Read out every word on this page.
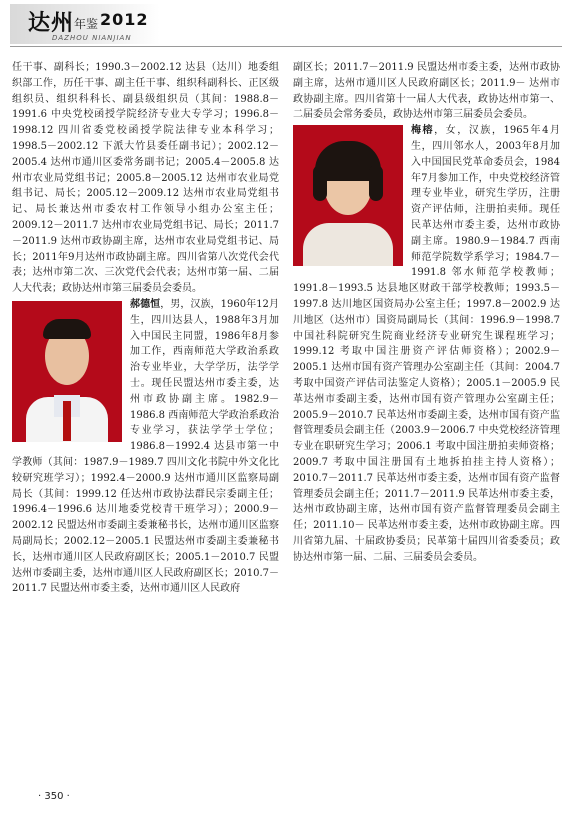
达州 年鉴 2012
DAZHOU NIANJIAN

任干事、副科长；1990.3－2002.12 达县（达川）地委组织部工作，历任干事、副主任干事、组织科副科长、正区级组织员、组织科科长、副县级组织员（其间：1988.8－1991.6 中央党校函授学院经济专业大专学习；1996.8－1998.12 四川省委党校函授学院法律专业本科学习；1998.5－2002.12 下派大竹县委任副书记）；2002.12－2005.4 达州市通川区委常务副书记；2005.4－2005.8 达州市农业局党组书记；2005.8－2005.12 达州市农业局党组书记、局长；2005.12－2009.12 达州市农业局党组书记、局长兼达州市委农村工作领导小组办公室主任；2009.12－2011.7 达州市农业局党组书记、局长；2011.7－2011.9 达州市政协副主席，达州市农业局党组书记、局长；2011年9月达州市政协副主席。四川省第八次党代会代表；达州市第二次、三次党代会代表；达州市第一届、二届人大代表；政协达州市第三届委员会委员。

郝德恒，男，汉族，1960年12月生，四川达县人，1988年3月加入中国民主同盟，1986年8月参加工作，西南师范大学政治系政治专业毕业，大学学历，法学学士。现任民盟达州市委主委，达州市政协副主席。1982.9－1986.8 西南师范大学政治系政治专业学习，获法学学士学位；1986.8－1992.4 达县市第一中学教师（其间：1987.9－1989.7 四川文化书院中外文化比较研究班学习）；1992.4－2000.9 达州市通川区监察局副局长（其间：1999.12 任达州市政协法群民宗委副主任；1996.4－1996.6 达川地委党校青干班学习）；2000.9－2002.12 民盟达州市委副主委兼秘书长，达州市通川区监察局副局长；2002.12－2005.1 民盟达州市委副主委兼秘书长，达州市通川区人民政府副区长；2005.1－2010.7 民盟达州市委副主委，达州市通川区人民政府副区长；2010.7－2011.7 民盟达州市委主委，达州市通川区人民政府

副区长；2011.7－2011.9 民盟达州市委主委，达州市政协副主席，达州市通川区人民政府副区长；2011.9－ 达州市政协副主席。四川省第十一届人大代表，政协达州市第一、二届委员会常务委员，政协达州市第三届委员会委员。

梅榕，女，汉族，1965年4月生，四川邻水人，2003年8月加入中国国民党革命委员会，1984年7月参加工作，中央党校经济管理专业毕业，研究生学历，注册资产评估师，注册拍卖师。现任民革达州市委主委，达州市政协副主席。1980.9－1984.7 西南师范学院数学系学习；1984.7－1991.8 邻水师范学校教师；1991.8－1993.5 达县地区财政干部学校教师；1993.5－1997.8 达川地区国资局办公室主任；1997.8－2002.9 达川地区（达州市）国资局副局长（其间：1996.9－1998.7 中国社科院研究生院商业经济专业研究生课程班学习；1999.12 考取中国注册资产评估师资格）；2002.9－2005.1 达州市国有资产管理办公室副主任（其间：2004.7 考取中国资产评估司法鉴定人资格）；2005.1－2005.9 民革达州市委副主委，达州市国有资产管理办公室副主任；2005.9－2010.7 民革达州市委副主委，达州市国有资产监督管理委员会副主任（2003.9－2006.7 中央党校经济管理专业在职研究生学习；2006.1 考取中国注册拍卖师资格；2009.7 考取中国注册国有土地拆拍挂主持人资格）；2010.7－2011.7 民革达州市委主委，达州市国有资产监督管理委员会副主任；2011.7－2011.9 民革达州市委主委，达州市政协副主席，达州市国有资产监督管理委员会副主任；2011.10－ 民革达州市委主委，达州市政协副主席。四川省第九届、十届政协委员；民革第十届四川省委委员；政协达州市第一届、二届、三届委员会委员。

· 350 ·
